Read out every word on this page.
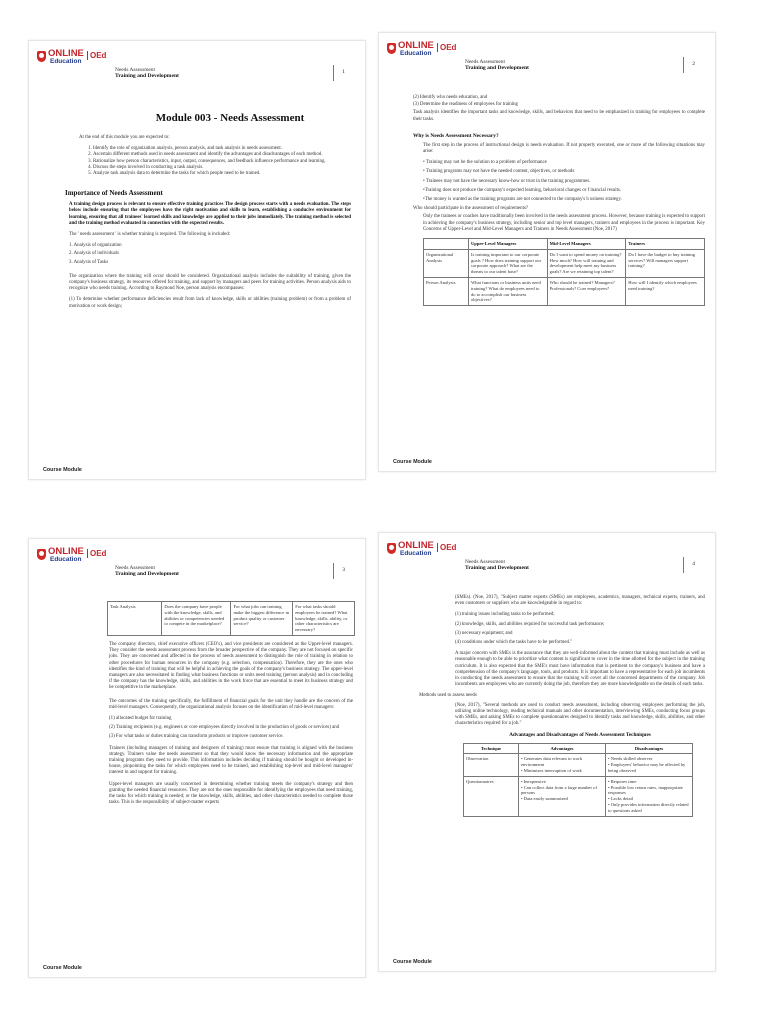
ONLINE
Education
OEd
Needs Assessment
Training and Development
1
Module 003 - Needs Assessment

At the end of this module you are expected to:

1. Identify the role of organization analysis, person analysis, and task analysis in needs assessment.
2. Ascertain different methods used in needs assessment and identify the advantages and disadvantages of each method.
3. Rationalize how person characteristics, input, output, consequences, and feedback influence performance and learning.
4. Discuss the steps involved in conducting a task analysis.
5. Analyze task analysis data to determine the tasks for which people need to be trained.
Importance of Needs Assessment

A training design process is relevant to ensure effective training practices The design process starts with a needs evaluation. The steps below include ensuring that the employees have the right motivation and skills to learn, establishing a conducive environment for learning, ensuring that all trainees' learned skills and knowledge are applied to their jobs immediately. The training method is selected and the training method evaluated in connection with the expected results.

The ' needs assessment ' is whether training is required. The following is included:

1. Analysis of organization

2. Analysis of individuals

3. Analysis of Tasks

The organization where the training will occur should be considered. Organizational analysis includes the suitability of training, given the company's business strategy, its resources offered for training, and support by managers and peers for training activities. Person analysis aids to recognize who needs training. According to Raymond Noe, person analysis encompasses:

(1) To determine whether performance deficiencies result from lack of knowledge, skills or abilities (training problem) or from a problem of motivation or work design;

Course Module
ONLINE
Education
OEd
Needs Assessment
Training and Development
2

(2) Identify who needs education, and

(3) Determine the readiness of employees for training

Task analysis identifies the important tasks and knowledge, skills, and behaviors that need to be emphasized in training for employees to complete their tasks.

Why is Needs Assessment Necessary?

The first step in the process of instructional design is needs evaluation. If not properly executed, one or more of the following situations may arise:

• Training may not be the solution to a problem of performance

• Training programs may not have the needed content, objectives, or methods

• Trainees may not have the necessary know-how or trust in the training programmes.

•Training does not produce the company's expected learning, behavioral changes or f inancial results.

•The money is wanted as the training programs are not connected to the company's b usiness strategy.

Who should participate in the assessment of requirements?

Only the trainees or coaches have traditionally been involved in the needs assessment process. However, because training is expected to support in achieving the company's business strategy, including senior and top level managers, trainers and employees in the process is important. Key Concerns of Upper-Level and Mid-Level Managers and Trainers in Needs Assessment (Noe, 2017)

	Upper-Level Managers	Mid-Level Managers	Trainers
Organizational Analysis	Is training important to our corporate goals ? How does training support our corporate approach? What are the threats to our talent base?	Do I want to spend money on training? How much? How will training and development help meet my business goals? Are we retaining top talent?	Do I have the budget to buy training services? Will managers support training?
Person Analysis	What functions or business units need training? What do employees need to do to accomplish our business objectives?	Who should be trained? Managers? Professionals? Core employees?	How will I identify which employees need training?
Course Module
ONLINE
Education
OEd
Needs Assessment
Training and Development
3
Task Analysis	Does the company have people with the knowledge, skills, and abilities or competencies needed to compete in the marketplace?	For what jobs can training make the biggest difference in product quality or customer service?	For what tasks should employees be trained? What knowledge, skills, ability, or other characteristics are necessary?

The company directors, chief executive officers (CEO's), and vice presidents are considered as the Upper-level managers. They consider the needs assessment process from the broader perspective of the company. They are not focused on specific jobs. They are concerned and affected in the process of needs assessment to distinguish the role of training in relation to other procedures for human resources in the company (e.g. selection, compensation). Therefore, they are the ones who identifies the kind of training that will be helpful in achieving the goals of the company's business strategy. The upper-level managers are also necessitated in finding what business functions or units need training (person analysis) and in concluding if the company has the knowledge, skills, and abilities in the work force that are essential to meet its business strategy and be competitive in the marketplace.

The outcomes of the training specifically, the fulfillment of financial goals for the unit they handle are the concern of the mid-level managers. Consequently, the organizational analysis focuses on the identification of mid-level managers:

(1) allocated budget for training

(2) Training recipients (e.g. engineers or core employees directly involved in the production of goods or services) and

(3) For what tasks or duties training can transform products or improve customer service.

Trainers (including managers of training and designers of training) must ensure that training is aligned with the business strategy. Trainers value the needs assessment so that they would know the necessary information and the appropriate training programs they need to provide. This information includes deciding if training should be bought or developed in-house, pinpointing the tasks for which employees need to be trained, and establishing top-level and mid-level managers' interest in and support for training.

Upper-level managers are usually concerned in determining whether training meets the company's strategy and then granting the needed financial resources. They are not the ones responsible for identifying the employees that need training, the tasks for which training is needed; or the knowledge, skills, abilities, and other characteristics needed to complete those tasks. This is the responsibility of subject-matter experts

Course Module
ONLINE
Education
OEd
Needs Assessment
Training and Development
4

(SMEs). (Noe, 2017), "Subject matter experts (SMEs) are employees, academics, managers, technical experts, trainers, and even customers or suppliers who are knowledgeable in regard to:

(1) training issues including tasks to be performed;

(2) knowledge, skills, and abilities required for successful task performance;

(3) necessary equipment; and

(4) conditions under which the tasks have to be performed."

A major concern with SMEs is the assurance that they are well-informed about the content that training must include as well as reasonable enough to be able to prioritize what content is significant to cover in the time allotted for the subject in the training curriculum. It is also expected that the SME's must have information that is pertinent to the company's business and have a comprehension of the company's language, tools, and products. It is important to have a representative for each job incumbents in conducting the needs assessment to ensure that the training will cover all the concerned departments of the company. Job incumbents are employees who are currently doing the job, therefore they are more knowledgeable on the details of each tasks.

Methods used to assess needs

(Noe, 2017), "Several methods are used to conduct needs assessment, including observing employees performing the job, utilizing online technology, reading technical manuals and other documentation, interviewing SMEs, conducting focus groups with SMEs, and asking SMEs to complete questionnaires designed to identify tasks and knowledge, skills, abilities, and other characteristics required for a job."

Advantages and Disadvantages of Needs Assessment Techniques
Technique	Advantages	Disadvantages
Observation	• Generates data relevant to work environment
• Minimizes interruption of work	• Needs skilled observer
• Employees' behavior may be affected by being observed
Questionnaires	• Inexpensive
• Can collect data from a large number of persons
• Data easily summarized	• Requires time
• Possible low return rates, inappropriate responses
• Lacks detail
• Only provides information directly related to questions asked
Course Module
